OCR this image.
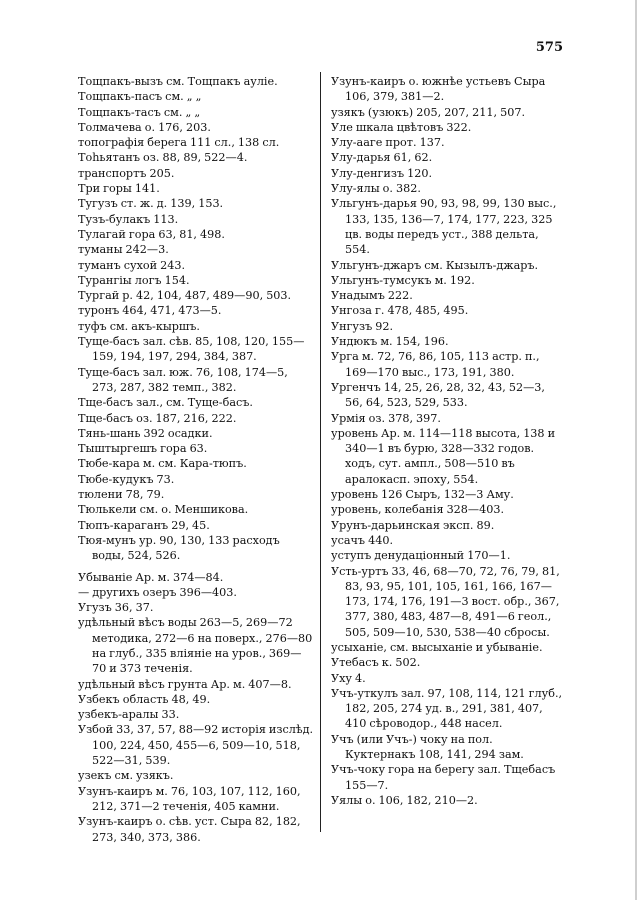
575
Тощпакъ-вызъ см. Тощпакъ аулie.
Тощпакъ-пасъ см. „ „
Тощпакъ-тасъ см. „ „
Толмачева о. 176, 203.
топографiя берега 111 сл., 138 сл.
Тоhьятанъ оз. 88, 89, 522—4.
транспортъ 205.
Три горы 141.
Тугузъ ст. ж. д. 139, 153.
Тузъ-булакъ 113.
Тулагай гора 63, 81, 498.
туманы 242—3.
туманъ сухой 243.
Турангiы логъ 154.
Тургай р. 42, 104, 487, 489—90, 503.
туронъ 464, 471, 473—5.
туфъ см. акъ-кыршъ.
Туще-басъ зал. сѣв. 85, 108, 120, 155—159, 194, 197, 294, 384, 387.
Туще-басъ зал. юж. 76, 108, 174—5, 273, 287, 382 темп., 382.
Тще-басъ зал., см. Туще-басъ.
Тще-басъ оз. 187, 216, 222.
Тянь-шань 392 осадки.
Тыштыргешъ гора 63.
Тюбе-кара м. см. Кара-тюпъ.
Тюбе-кудукъ 73.
тюлени 78, 79.
Тюлькели см. о. Меншикова.
Тюпъ-караганъ 29, 45.
Тюя-мунъ ур. 90, 130, 133 расходъ воды, 524, 526.
Убыванiе Ар. м. 374—84.
— другихъ озеръ 396—403.
Угузъ 36, 37.
удѣльный вѣсъ воды 263—5, 269—72 методика, 272—6 на поверх., 276—80 на глуб., 335 влiянiе на уров., 369—70 и 373 теченiя.
удѣльный вѣсъ грунта Ар. м. 407—8.
Узбекъ область 48, 49.
узбекъ-аралы 33.
Узбой 33, 37, 57, 88—92 исторiя изслѣд. 100, 224, 450, 455—6, 509—10, 518, 522—31, 539.
узекъ см. узякъ.
Узунъ-каиръ м. 76, 103, 107, 112, 160, 212, 371—2 теченiя, 405 камни.
Узунъ-каиръ о. сѣв. уст. Сыра 82, 182, 273, 340, 373, 386.
Узунъ-каиръ о. южнѣе устьевъ Сыра 106, 379, 381—2.
узякъ (узюкъ) 205, 207, 211, 507.
Уле шкала цвѣтовъ 322.
Улу-ааге прот. 137.
Улу-дарья 61, 62.
Улу-денгизъ 120.
Улу-ялы о. 382.
Ульгунъ-дарья 90, 93, 98, 99, 130 выс., 133, 135, 136—7, 174, 177, 223, 325 цв. воды передъ уст., 388 дельта, 554.
Ульгунъ-джаръ см. Кызылъ-джаръ.
Ульгунъ-тумсукъ м. 192.
Унадымъ 222.
Унгоза г. 478, 485, 495.
Унгузъ 92.
Ундюкъ м. 154, 196.
Урга м. 72, 76, 86, 105, 113 астр. п., 169—170 выс., 173, 191, 380.
Ургенчъ 14, 25, 26, 28, 32, 43, 52—3, 56, 64, 523, 529, 533.
Урмiя оз. 378, 397.
уровень Ар. м. 114—118 высота, 138 и 340—1 въ бурю, 328—332 годов. ходъ, сут. ампл., 508—510 въ аралокасп. эпоху, 554.
уровень 126 Сыръ, 132—3 Аму.
уровень, колебанiя 328—403.
Урунъ-дарьинская эксп. 89.
усачъ 440.
уступъ денудацiонный 170—1.
Усть-уртъ 33, 46, 68—70, 72, 76, 79, 81, 83, 93, 95, 101, 105, 161, 166, 167—173, 174, 176, 191—3 вост. обр., 367, 377, 380, 483, 487—8, 491—6 геол., 505, 509—10, 530, 538—40 сбросы.
усыханiе, см. высыханiе и убыванiе.
Утебасъ к. 502.
Уху 4.
Учъ-уткулъ зал. 97, 108, 114, 121 глуб., 182, 205, 274 уд. в., 291, 381, 407, 410 сѣроводор., 448 насел.
Учъ (или Учъ-) чоку на пол. Куктернакъ 108, 141, 294 зам.
Учъ-чоку гора на берегу зал. Тщебасъ 155—7.
Уялы о. 106, 182, 210—2.
